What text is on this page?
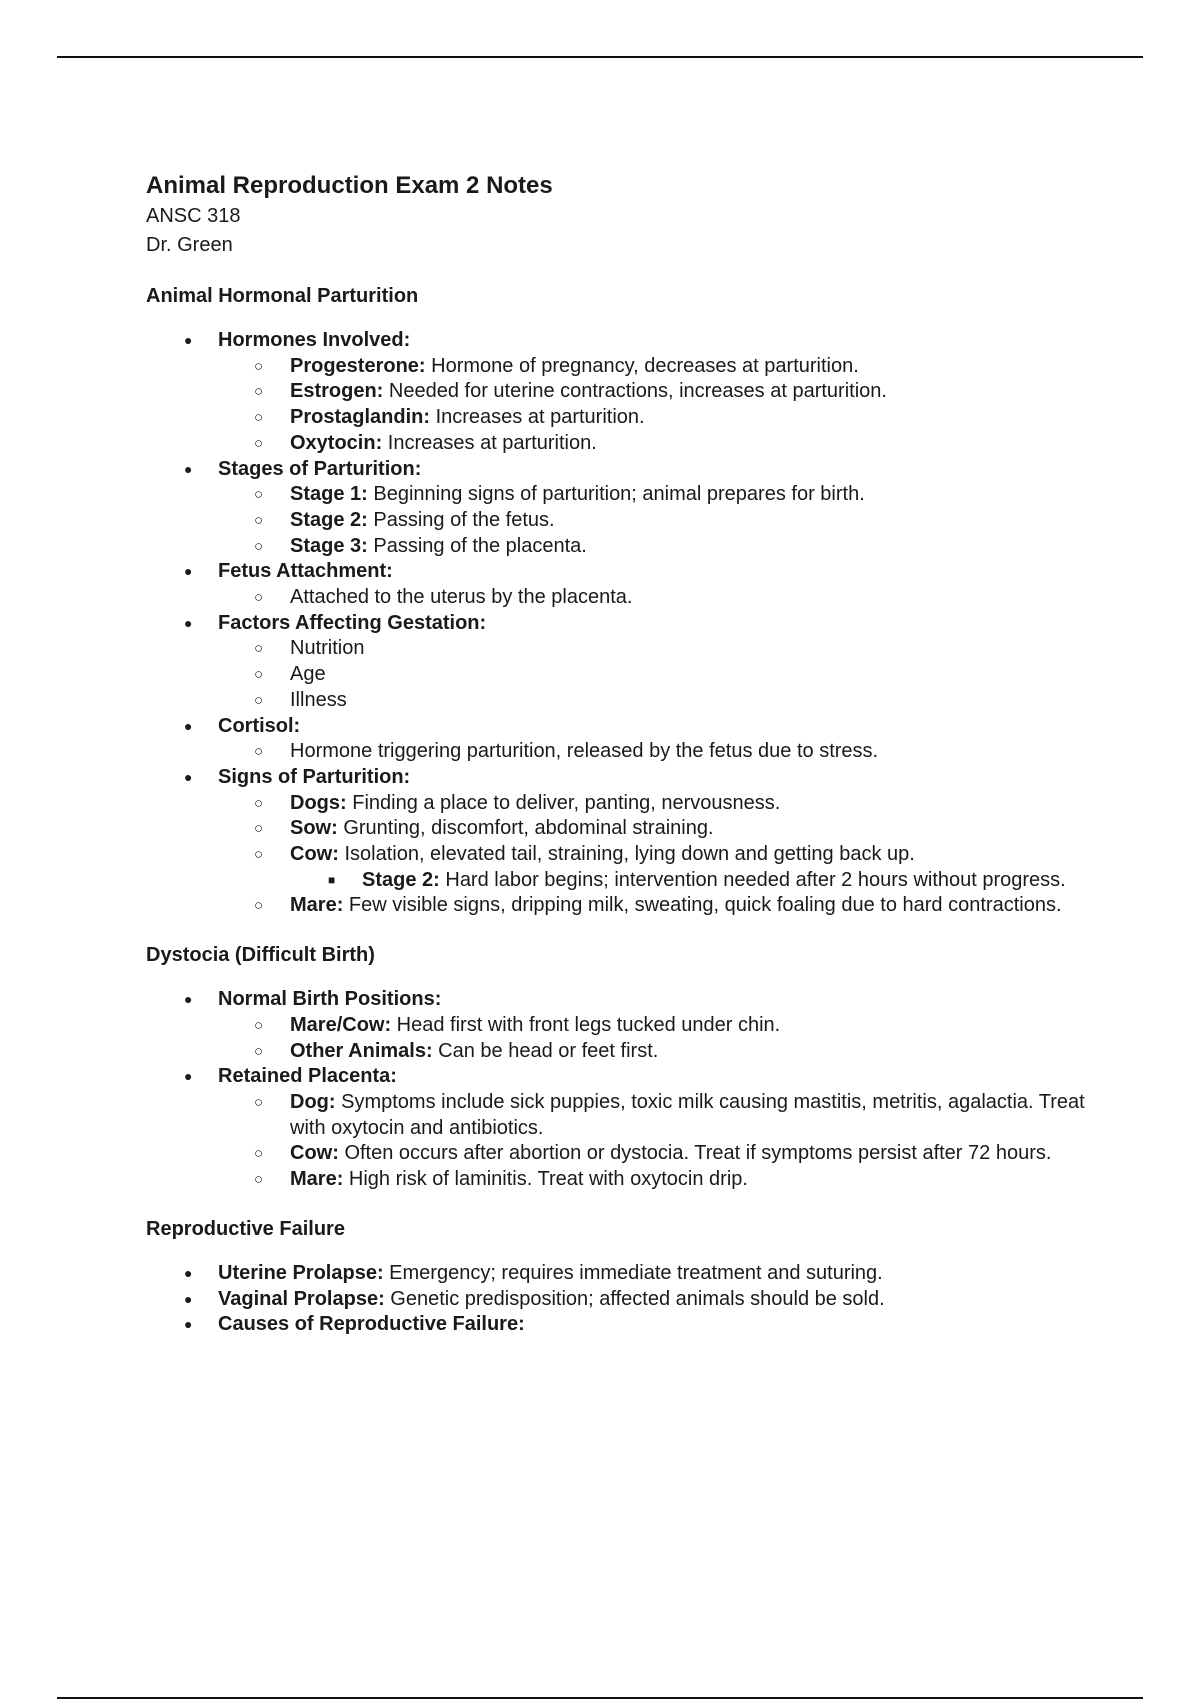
Animal Reproduction Exam 2 Notes

ANSC 318

Dr. Green

Animal Hormonal Parturition
● Hormones Involved:
○ Progesterone: Hormone of pregnancy, decreases at parturition.
○ Estrogen: Needed for uterine contractions, increases at parturition.
○ Prostaglandin: Increases at parturition.
○ Oxytocin: Increases at parturition.
● Stages of Parturition:
○ Stage 1: Beginning signs of parturition; animal prepares for birth.
○ Stage 2: Passing of the fetus.
○ Stage 3: Passing of the placenta.
● Fetus Attachment:
○ Attached to the uterus by the placenta.
● Factors Affecting Gestation:
○ Nutrition
○ Age
○ Illness
● Cortisol:
○ Hormone triggering parturition, released by the fetus due to stress.
● Signs of Parturition:
○ Dogs: Finding a place to deliver, panting, nervousness.
○ Sow: Grunting, discomfort, abdominal straining.
○ Cow: Isolation, elevated tail, straining, lying down and getting back up.
■ Stage 2: Hard labor begins; intervention needed after 2 hours without progress.
○ Mare: Few visible signs, dripping milk, sweating, quick foaling due to hard contractions.
Dystocia (Difficult Birth)
● Normal Birth Positions:
○ Mare/Cow: Head first with front legs tucked under chin.
○ Other Animals: Can be head or feet first.
● Retained Placenta:
○ Dog: Symptoms include sick puppies, toxic milk causing mastitis, metritis, agalactia. Treat with oxytocin and antibiotics.
○ Cow: Often occurs after abortion or dystocia. Treat if symptoms persist after 72 hours.
○ Mare: High risk of laminitis. Treat with oxytocin drip.
Reproductive Failure
● Uterine Prolapse: Emergency; requires immediate treatment and suturing.
● Vaginal Prolapse: Genetic predisposition; affected animals should be sold.
● Causes of Reproductive Failure:
